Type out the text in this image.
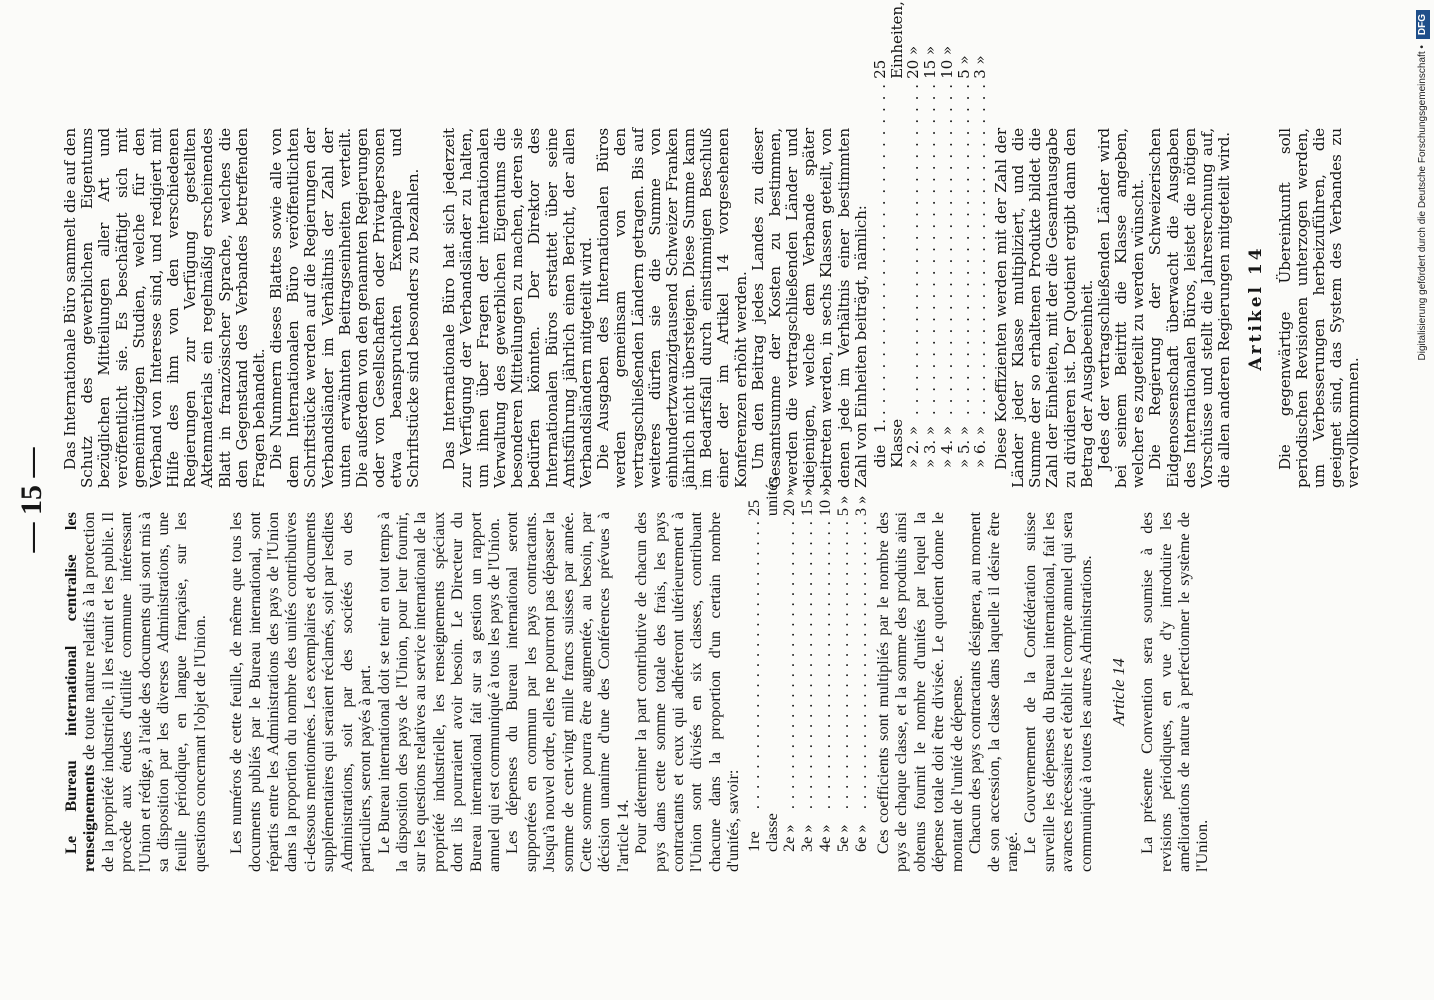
— 15 —

Le Bureau international centralise les renseignements de toute nature relatifs à la protection de la propriété industrielle, il les réunit et les publie. Il procède aux études d'utilité commune intéressant l'Union et rédige, à l'aide des documents qui sont mis à sa disposition par les diverses Administrations, une feuille périodique, en langue française, sur les questions concernant l'objet de l'Union. Les numéros de cette feuille, de même que tous les documents publiés par le Bureau international, sont répartis entre les Administrations des pays de l'Union dans la proportion du nombre des unités contributives ci-dessous mentionnées. Les exemplaires et documents supplémentaires qui seraient réclamés, soit par lesdites Administrations, soit par des sociétés ou des particuliers, seront payés à part. Le Bureau international doit se tenir en tout temps à la disposition des pays de l'Union, pour leur fournir, sur les questions relatives au service international de la propriété industrielle, les renseignements spéciaux dont ils pourraient avoir besoin. Le Directeur du Bureau international fait sur sa gestion un rapport annuel qui est communiqué à tous les pays de l'Union. Les dépenses du Bureau international seront supportées en commun par les pays contractants. Jusqu'à nouvel ordre, elles ne pourront pas dépasser la somme de cent-vingt mille francs suisses par année. Cette somme pourra être augmentée, au besoin, par décision unanime d'une des Conférences prévues à l'article 14. Pour déterminer la part contributive de chacun des pays dans cette somme totale des frais, les pays contractants et ceux qui adhéreront ultérieurement à l'Union sont divisés en six classes, contribuant chacune dans la proportion d'un certain nombre d'unités, savoir: 1re classe	. . .	25 unités
2e »	. . .	20 »
3e »	. . .	15 »
4e »	. . .	10 »
5e »	. . .	5 »
6e »	. . .	3 »

Ces coefficients sont multipliés par le nombre des pays de chaque classe, et la somme des produits ainsi obtenus fournit le nombre d'unités par lequel la dépense totale doit être divisée. Le quotient donne le montant de l'unité de dépense. Chacun des pays contractants désignera, au moment de son accession, la classe dans laquelle il désire être rangé. Le Gouvernement de la Confédération suisse surveille les dépenses du Bureau international, fait les avances nécessaires et établit le compte annuel qui sera communiqué à toutes les autres Administrations. Article 14 La présente Convention sera soumise à des revisions périodiques, en vue d'y introduire les améliorations de nature à perfectionner le système de l'Union.

Das Internationale Büro sammelt die auf den Schutz des gewerblichen Eigentums bezüglichen Mitteilungen aller Art und veröffentlicht sie. Es beschäftigt sich mit gemeinnützigen Studien, welche für den Verband von Interesse sind, und redigiert mit Hilfe des ihm von den verschiedenen Regierungen zur Verfügung gestellten Aktenmaterials ein regelmäßig erscheinendes Blatt in französischer Sprache, welches die den Gegenstand des Verbandes betreffenden Fragen behandelt. Die Nummern dieses Blattes sowie alle von dem Internationalen Büro veröffentlichten Schriftstücke werden auf die Regierungen der Verbandsländer im Verhältnis der Zahl der unten erwähnten Beitragseinheiten verteilt. Die außerdem von den genannten Regierungen oder von Gesellschaften oder Privatpersonen etwa beanspruchten Exemplare und Schriftstücke sind besonders zu bezahlen. Das Internationale Büro hat sich jederzeit zur Verfügung der Verbandsländer zu halten, um ihnen über Fragen der internationalen Verwaltung des gewerblichen Eigentums die besonderen Mitteilungen zu machen, deren sie bedürfen könnten. Der Direktor des Internationalen Büros erstattet über seine Amtsführung jährlich einen Bericht, der allen Verbandsländern mitgeteilt wird. Die Ausgaben des Internationalen Büros werden gemeinsam von den vertragschließenden Ländern getragen. Bis auf weiteres dürfen sie die Summe von einhundertzwanzigtausend Schweizer Franken jährlich nicht übersteigen. Diese Summe kann im Bedarfsfall durch einstimmigen Beschluß einer der im Artikel 14 vorgesehenen Konferenzen erhöht werden. Um den Beitrag jedes Landes zu dieser Gesamtsumme der Kosten zu bestimmen, werden die vertragschließenden Länder und diejenigen, welche dem Verbande später beitreten werden, in sechs Klassen geteilt, von denen jede im Verhältnis einer bestimmten Zahl von Einheiten beiträgt, nämlich: die 1. Klasse	. . .	25 Einheiten,
» 2. »	. . .	20 »
» 3. »	. . .	15 »
» 4. »	. . .	10 »
» 5. »	. . .	5 »
» 6. »	. . .	3 »

Diese Koeffizienten werden mit der Zahl der Länder jeder Klasse multipliziert, und die Summe der so erhaltenen Produkte bildet die Zahl der Einheiten, mit der die Gesamtausgabe zu dividieren ist. Der Quotient ergibt dann den Betrag der Ausgabeeinheit. Jedes der vertragschließenden Länder wird bei seinem Beitritt die Klasse angeben, welcher es zugeteilt zu werden wünscht. Die Regierung der Schweizerischen Eidgenossenschaft überwacht die Ausgaben des Internationalen Büros, leistet die nötigen Vorschüsse und stellt die Jahresrechnung auf, die allen anderen Regierungen mitgeteilt wird. Artikel 14 Die gegenwärtige Übereinkunft soll periodischen Revisionen unterzogen werden, um Verbesserungen herbeizuführen, die geeignet sind, das System des Verbandes zu vervollkommnen.

Digitalisierung gefördert durch die Deutsche Forschungsgemeinschaft •DFG
